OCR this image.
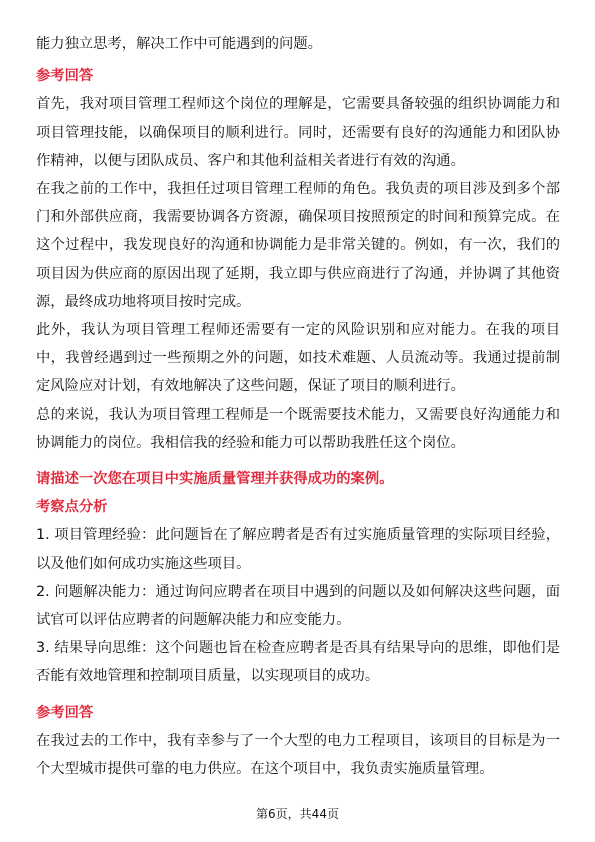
能力独立思考，解决工作中可能遇到的问题。

参考回答

首先，我对项目管理工程师这个岗位的理解是，它需要具备较强的组织协调能力和项目管理技能，以确保项目的顺利进行。同时，还需要有良好的沟通能力和团队协作精神，以便与团队成员、客户和其他利益相关者进行有效的沟通。

在我之前的工作中，我担任过项目管理工程师的角色。我负责的项目涉及到多个部门和外部供应商，我需要协调各方资源，确保项目按照预定的时间和预算完成。在这个过程中，我发现良好的沟通和协调能力是非常关键的。例如，有一次，我们的项目因为供应商的原因出现了延期，我立即与供应商进行了沟通，并协调了其他资源，最终成功地将项目按时完成。

此外，我认为项目管理工程师还需要有一定的风险识别和应对能力。在我的项目中，我曾经遇到过一些预期之外的问题，如技术难题、人员流动等。我通过提前制定风险应对计划，有效地解决了这些问题，保证了项目的顺利进行。

总的来说，我认为项目管理工程师是一个既需要技术能力，又需要良好沟通能力和协调能力的岗位。我相信我的经验和能力可以帮助我胜任这个岗位。

请描述一次您在项目中实施质量管理并获得成功的案例。
考察点分析

1. 项目管理经验：此问题旨在了解应聘者是否有过实施质量管理的实际项目经验，以及他们如何成功实施这些项目。

2. 问题解决能力：通过询问应聘者在项目中遇到的问题以及如何解决这些问题，面试官可以评估应聘者的问题解决能力和应变能力。

3. 结果导向思维：这个问题也旨在检查应聘者是否具有结果导向的思维，即他们是否能有效地管理和控制项目质量，以实现项目的成功。

参考回答

在我过去的工作中，我有幸参与了一个大型的电力工程项目，该项目的目标是为一个大型城市提供可靠的电力供应。在这个项目中，我负责实施质量管理。

第6页，共44页
